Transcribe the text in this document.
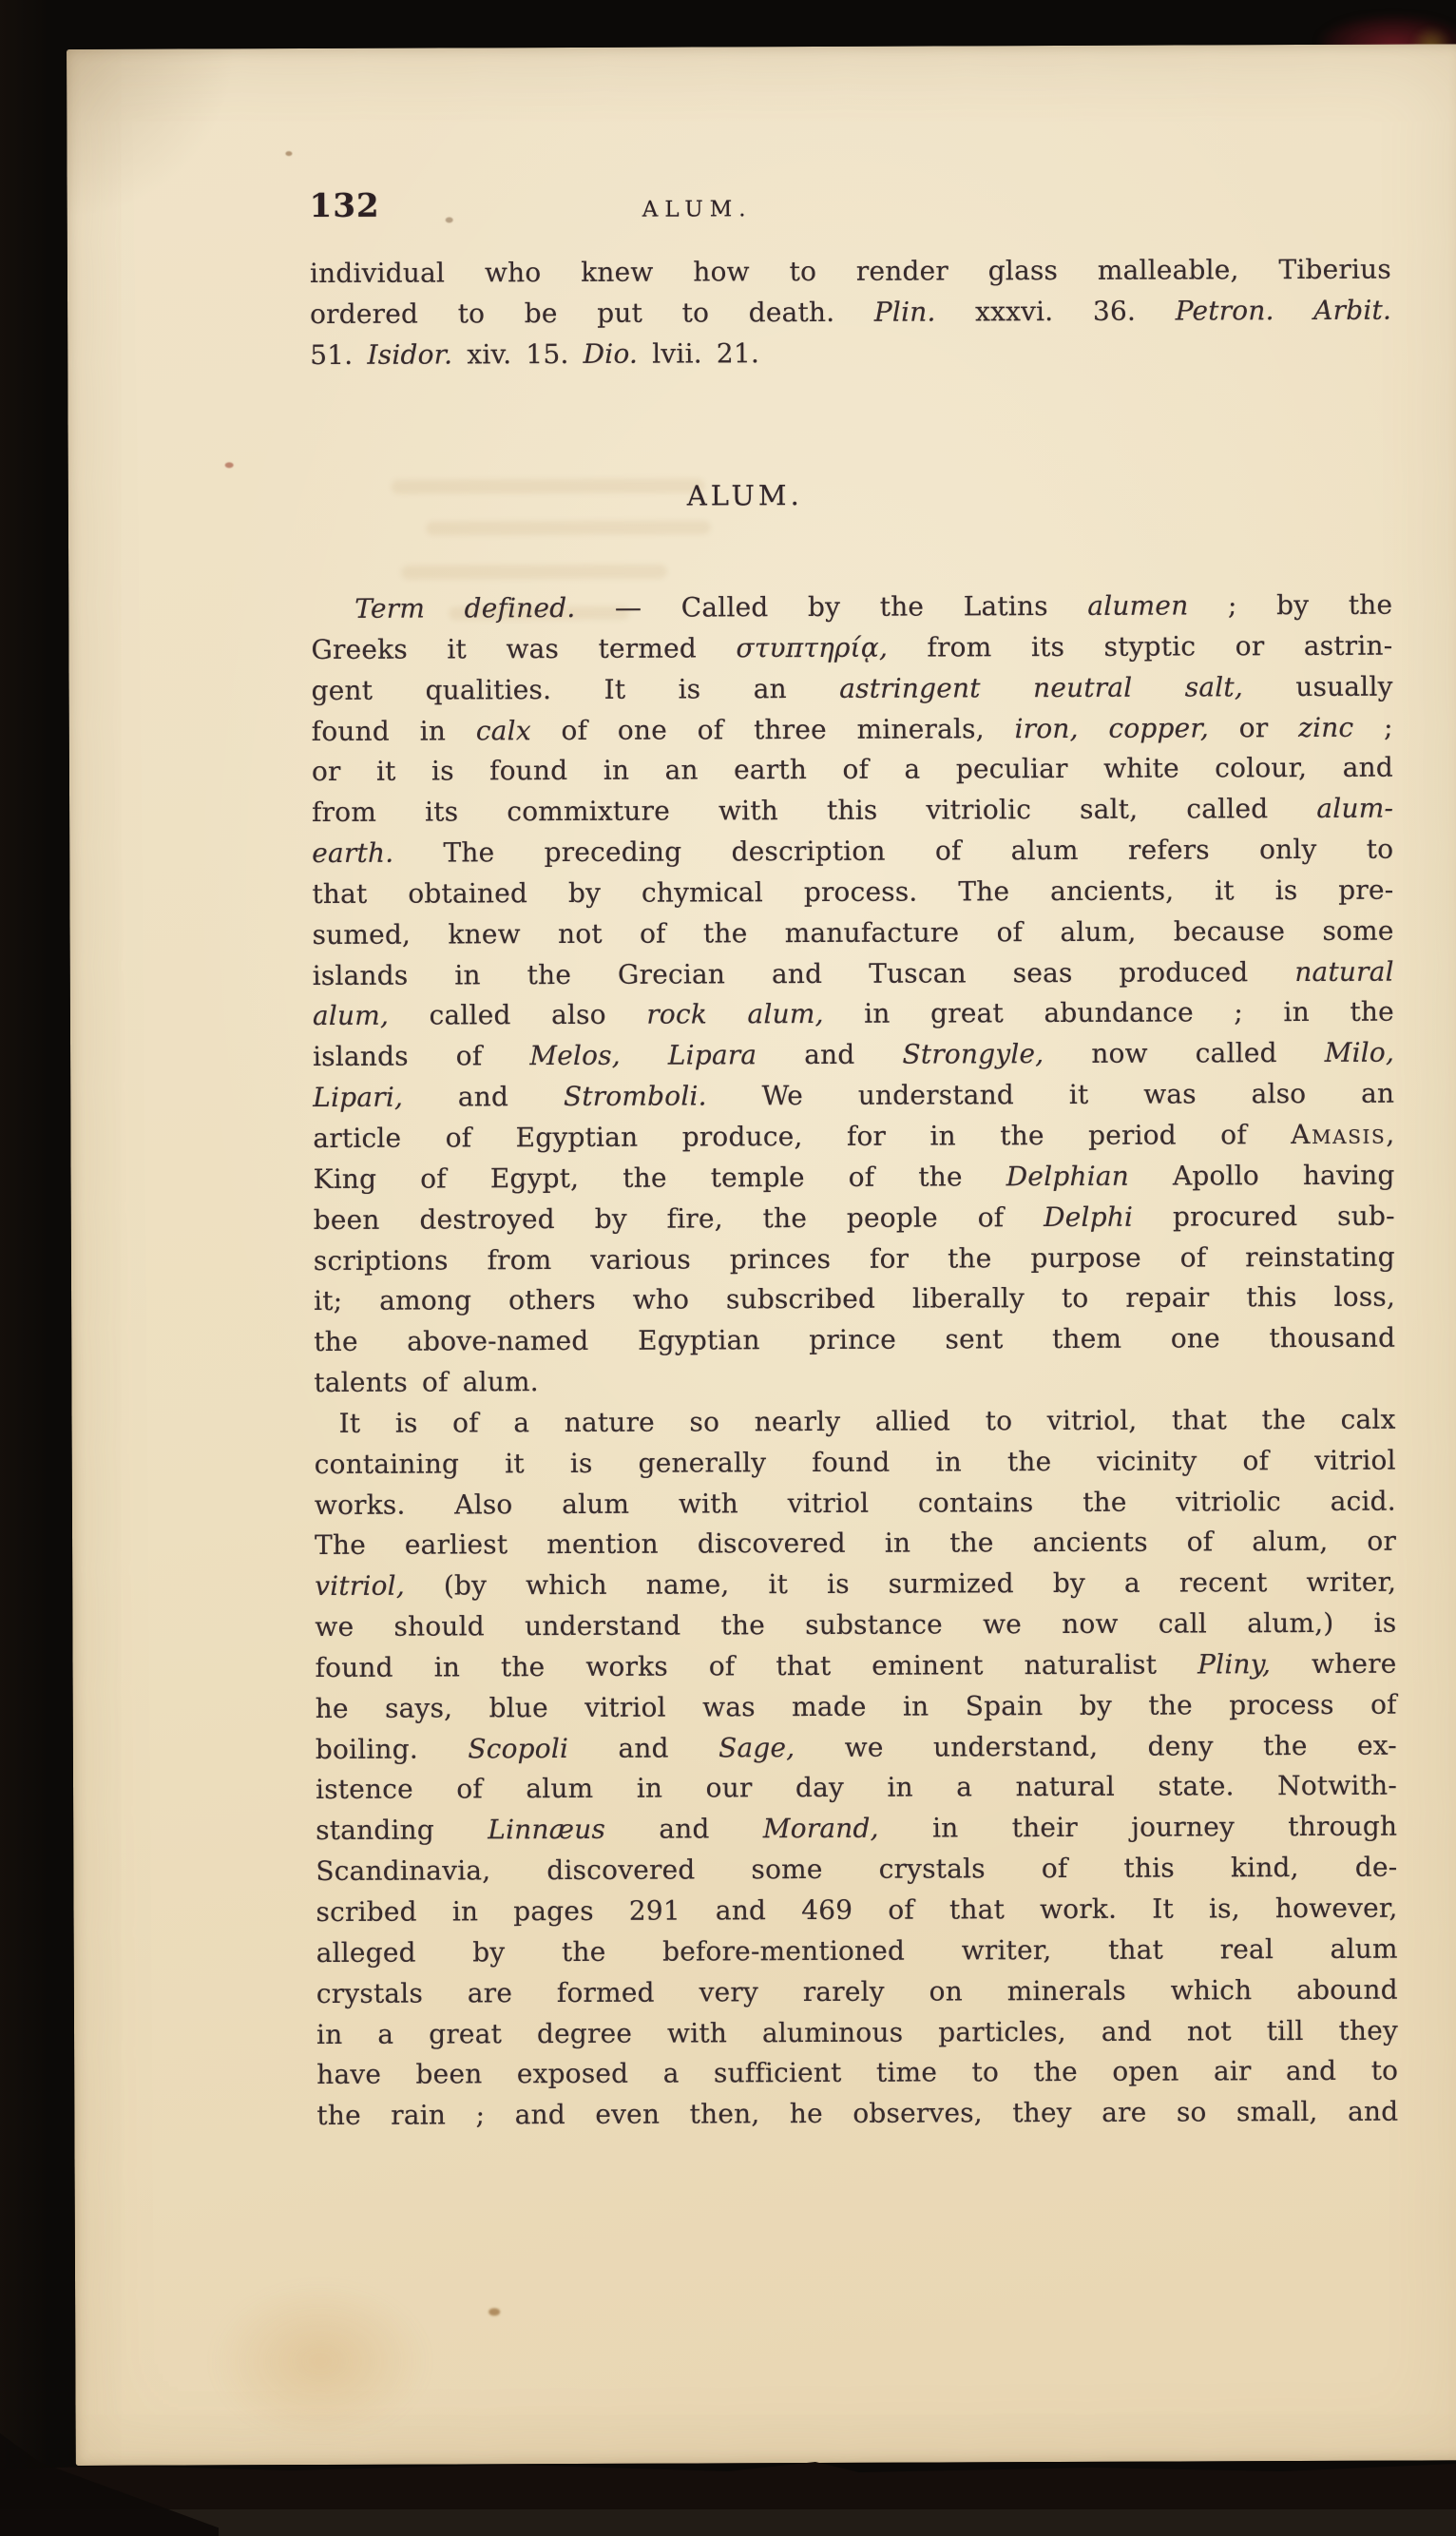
132	ALUM.
individual who knew how to render glass malleable, Tiberius
ordered to be put to death. Plin. xxxvi. 36. Petron. Arbit.
51. Isidor. xiv. 15. Dio. lvii. 21.
ALUM.
Term defined. — Called by the Latins alumen ; by the
Greeks it was termed στυπτηρίᾳ, from its styptic or astrin-
gent qualities. It is an astringent neutral salt, usually
found in calx of one of three minerals, iron, copper, or zinc ;
or it is found in an earth of a peculiar white colour, and
from its commixture with this vitriolic salt, called alum-
earth. The preceding description of alum refers only to
that obtained by chymical process. The ancients, it is pre-
sumed, knew not of the manufacture of alum, because some
islands in the Grecian and Tuscan seas produced natural
alum, called also rock alum, in great abundance ; in the
islands of Melos, Lipara and Strongyle, now called Milo,
Lipari, and Stromboli. We understand it was also an
article of Egyptian produce, for in the period of Amasis,
King of Egypt, the temple of the Delphian Apollo having
been destroyed by fire, the people of Delphi procured sub-
scriptions from various princes for the purpose of reinstating
it; among others who subscribed liberally to repair this loss,
the above-named Egyptian prince sent them one thousand
talents of alum.
It is of a nature so nearly allied to vitriol, that the calx
containing it is generally found in the vicinity of vitriol
works. Also alum with vitriol contains the vitriolic acid.
The earliest mention discovered in the ancients of alum, or
vitriol, (by which name, it is surmized by a recent writer,
we should understand the substance we now call alum,) is
found in the works of that eminent naturalist Pliny, where
he says, blue vitriol was made in Spain by the process of
boiling. Scopoli and Sage, we understand, deny the ex-
istence of alum in our day in a natural state. Notwith-
standing Linnæus and Morand, in their journey through
Scandinavia, discovered some crystals of this kind, de-
scribed in pages 291 and 469 of that work. It is, however,
alleged by the before-mentioned writer, that real alum
crystals are formed very rarely on minerals which abound
in a great degree with aluminous particles, and not till they
have been exposed a sufficient time to the open air and to
the rain ; and even then, he observes, they are so small, and
